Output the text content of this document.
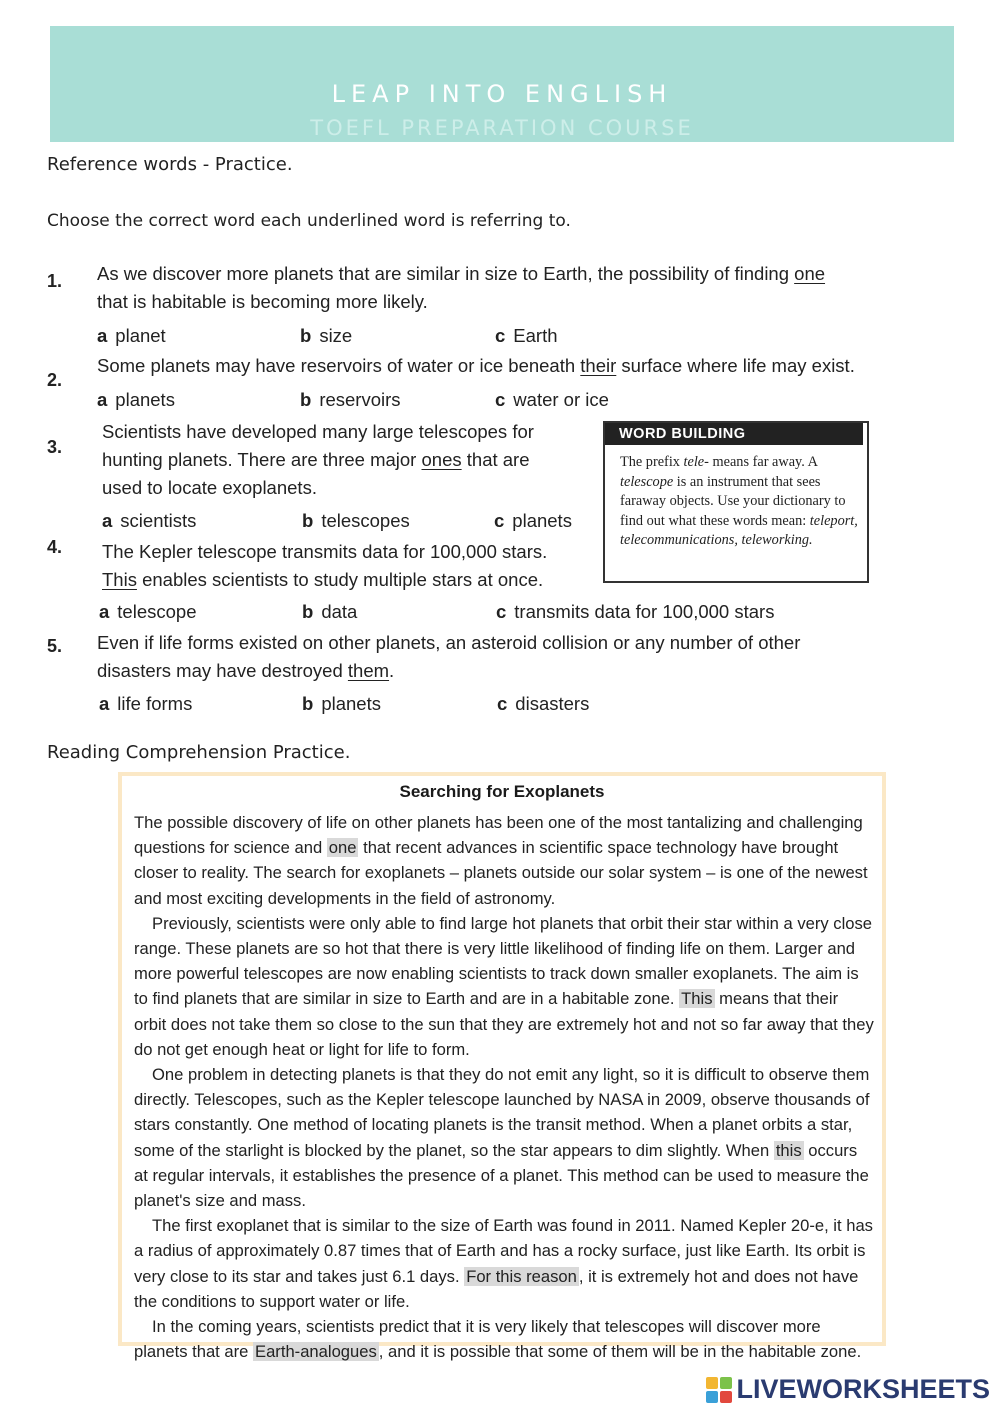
LEAP INTO ENGLISH
TOEFL PREPARATION COURSE
Reference words - Practice.
Choose the correct word each underlined word is referring to.
1. As we discover more planets that are similar in size to Earth, the possibility of finding one that is habitable is becoming more likely.
a planet	b size	c Earth
2.
Some planets may have reservoirs of water or ice beneath their surface where life may exist.
a planets	b reservoirs	c water or ice
3.
Scientists have developed many large telescopes for hunting planets. There are three major ones that are used to locate exoplanets.
a scientists	b telescopes	c planets
WORD BUILDING
The prefix tele- means far away. A telescope is an instrument that sees faraway objects. Use your dictionary to find out what these words mean: teleport, telecommunications, teleworking.
4. The Kepler telescope transmits data for 100,000 stars. This enables scientists to study multiple stars at once.
a telescope	b data	c transmits data for 100,000 stars
5. Even if life forms existed on other planets, an asteroid collision or any number of other disasters may have destroyed them.
a life forms	b planets	c disasters
Reading Comprehension Practice.
Searching for Exoplanets

The possible discovery of life on other planets has been one of the most tantalizing and challenging questions for science and one that recent advances in scientific space technology have brought closer to reality. The search for exoplanets – planets outside our solar system – is one of the newest and most exciting developments in the field of astronomy.

Previously, scientists were only able to find large hot planets that orbit their star within a very close range. These planets are so hot that there is very little likelihood of finding life on them. Larger and more powerful telescopes are now enabling scientists to track down smaller exoplanets. The aim is to find planets that are similar in size to Earth and are in a habitable zone. This means that their orbit does not take them so close to the sun that they are extremely hot and not so far away that they do not get enough heat or light for life to form.

One problem in detecting planets is that they do not emit any light, so it is difficult to observe them directly. Telescopes, such as the Kepler telescope launched by NASA in 2009, observe thousands of stars constantly. One method of locating planets is the transit method. When a planet orbits a star, some of the starlight is blocked by the planet, so the star appears to dim slightly. When this occurs at regular intervals, it establishes the presence of a planet. This method can be used to measure the planet's size and mass.

The first exoplanet that is similar to the size of Earth was found in 2011. Named Kepler 20-e, it has a radius of approximately 0.87 times that of Earth and has a rocky surface, just like Earth. Its orbit is very close to its star and takes just 6.1 days. For this reason , it is extremely hot and does not have the conditions to support water or life.

In the coming years, scientists predict that it is very likely that telescopes will discover more planets that are Earth-analogues , and it is possible that some of them will be in the habitable zone.

LIVEWORKSHEETS
